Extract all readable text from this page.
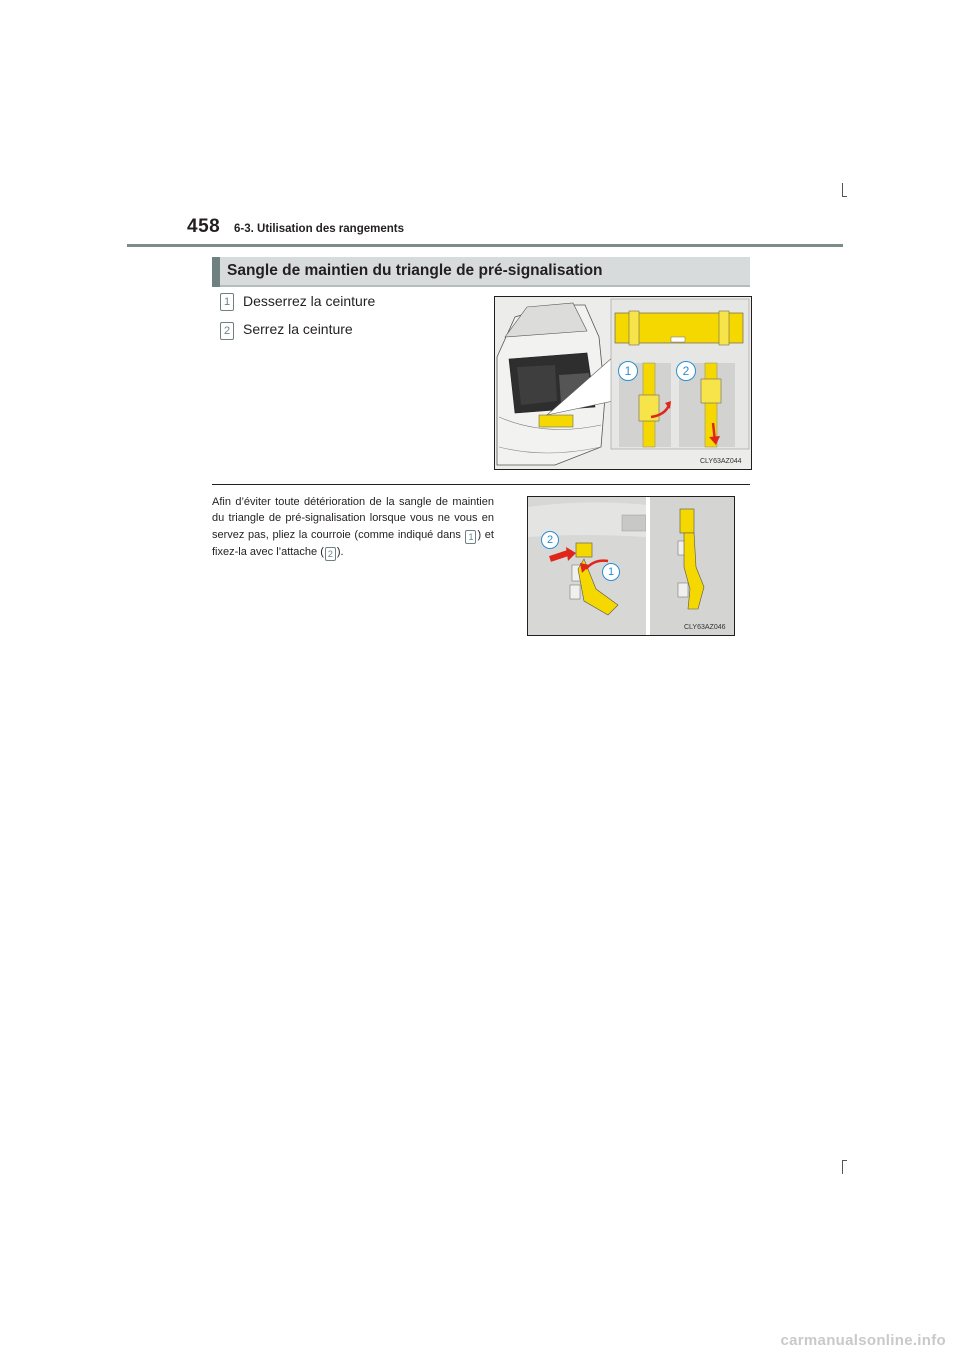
458 6-3. Utilisation des rangements
Sangle de maintien du triangle de pré-signalisation
1 Desserrez la ceinture
2 Serrez la ceinture
1	2
CLY63AZ044
Afin d’éviter toute détérioration de la sangle de maintien du triangle de pré-signalisation lorsque vous ne vous en servez pas, pliez la courroie (comme indiqué dans 1 ) et fixez-la avec l’attache ( 2 ).
2
1
CLY63AZ046
carmanualsonline.info
